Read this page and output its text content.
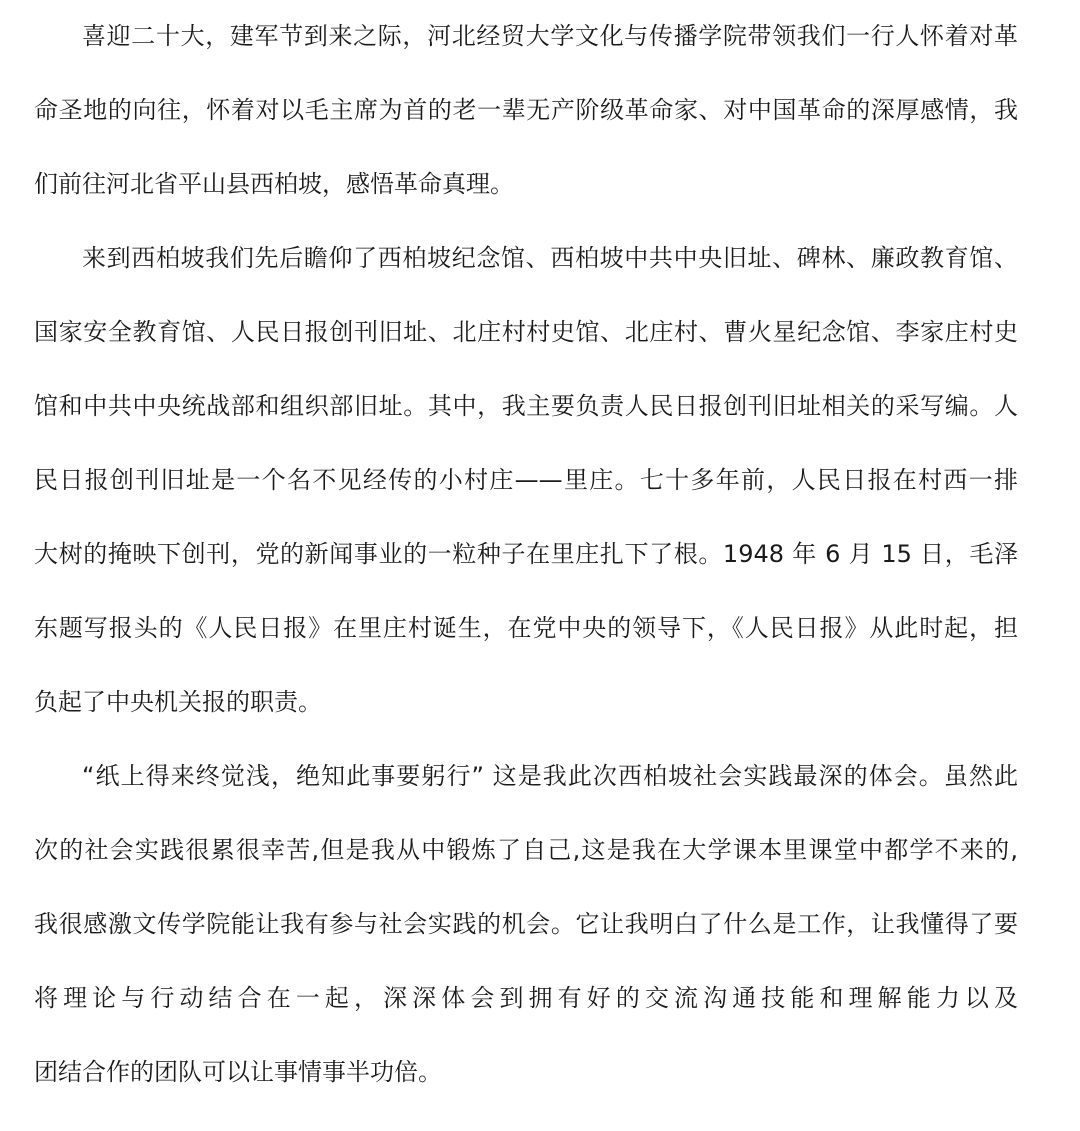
喜迎二十大，建军节到来之际，河北经贸大学文化与传播学院带领我们一行人怀着对革
命圣地的向往，怀着对以毛主席为首的老一辈无产阶级革命家、对中国革命的深厚感情，我
们前往河北省平山县西柏坡，感悟革命真理。
来到西柏坡我们先后瞻仰了西柏坡纪念馆、西柏坡中共中央旧址、碑林、廉政教育馆、
国家安全教育馆、人民日报创刊旧址、北庄村村史馆、北庄村、曹火星纪念馆、李家庄村史
馆和中共中央统战部和组织部旧址。其中，我主要负责人民日报创刊旧址相关的采写编。人
民日报创刊旧址是一个名不见经传的小村庄——里庄。七十多年前，人民日报在村西一排
大树的掩映下创刊，党的新闻事业的一粒种子在里庄扎下了根。1948 年 6 月 15 日，毛泽
东题写报头的《人民日报》在里庄村诞生，在党中央的领导下，《人民日报》从此时起，担
负起了中央机关报的职责。
“纸上得来终觉浅，绝知此事要躬行” 这是我此次西柏坡社会实践最深的体会。虽然此
次的社会实践很累很幸苦,但是我从中锻炼了自己,这是我在大学课本里课堂中都学不来的,
我很感激文传学院能让我有参与社会实践的机会。它让我明白了什么是工作，让我懂得了要
将理论与行动结合在一起，深深体会到拥有好的交流沟通技能和理解能力以及
团结合作的团队可以让事情事半功倍。
